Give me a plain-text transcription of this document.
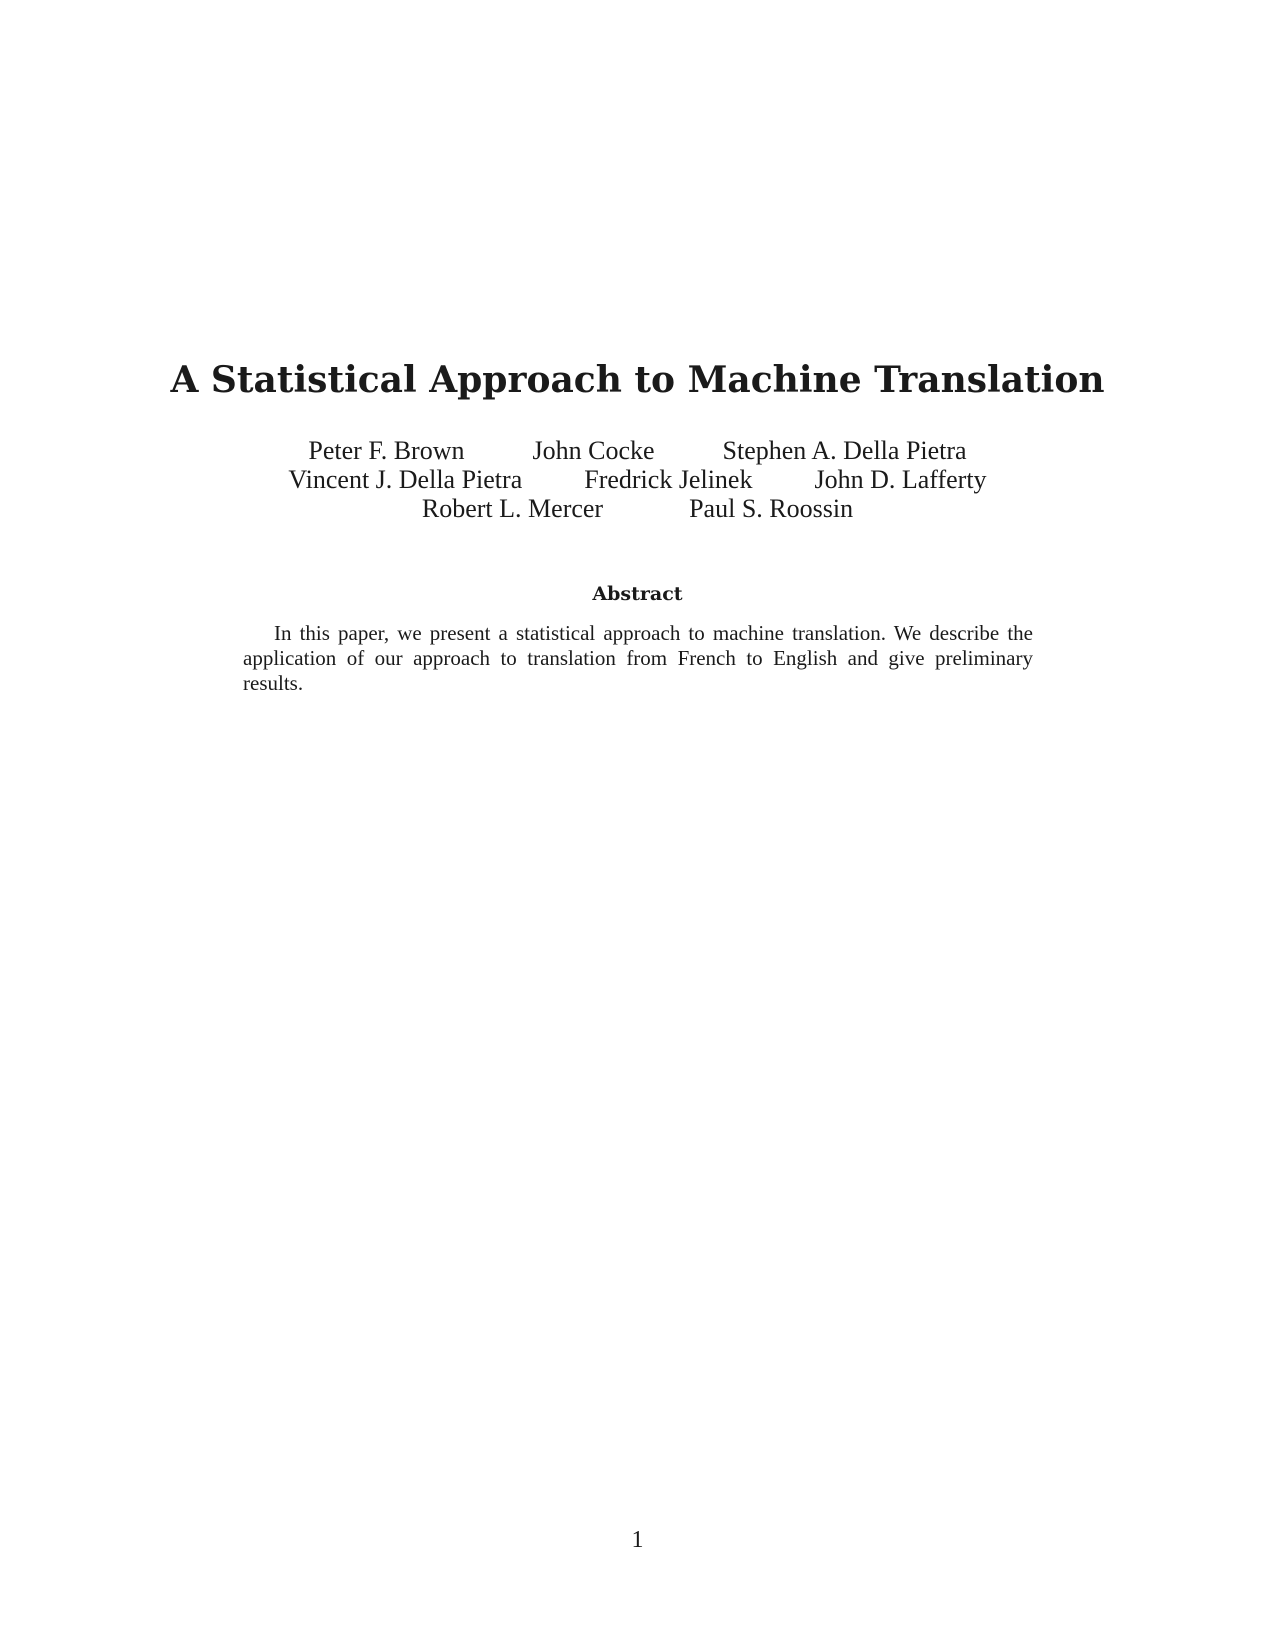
A Statistical Approach to Machine Translation
Peter F. Brown	John Cocke	Stephen A. Della Pietra
Vincent J. Della Pietra Fredrick Jelinek John D. Lafferty
Robert L. Mercer	Paul S. Roossin
Abstract

In this paper, we present a statistical approach to machine translation. We describe the application of our approach to translation from French to English and give preliminary results.

1
